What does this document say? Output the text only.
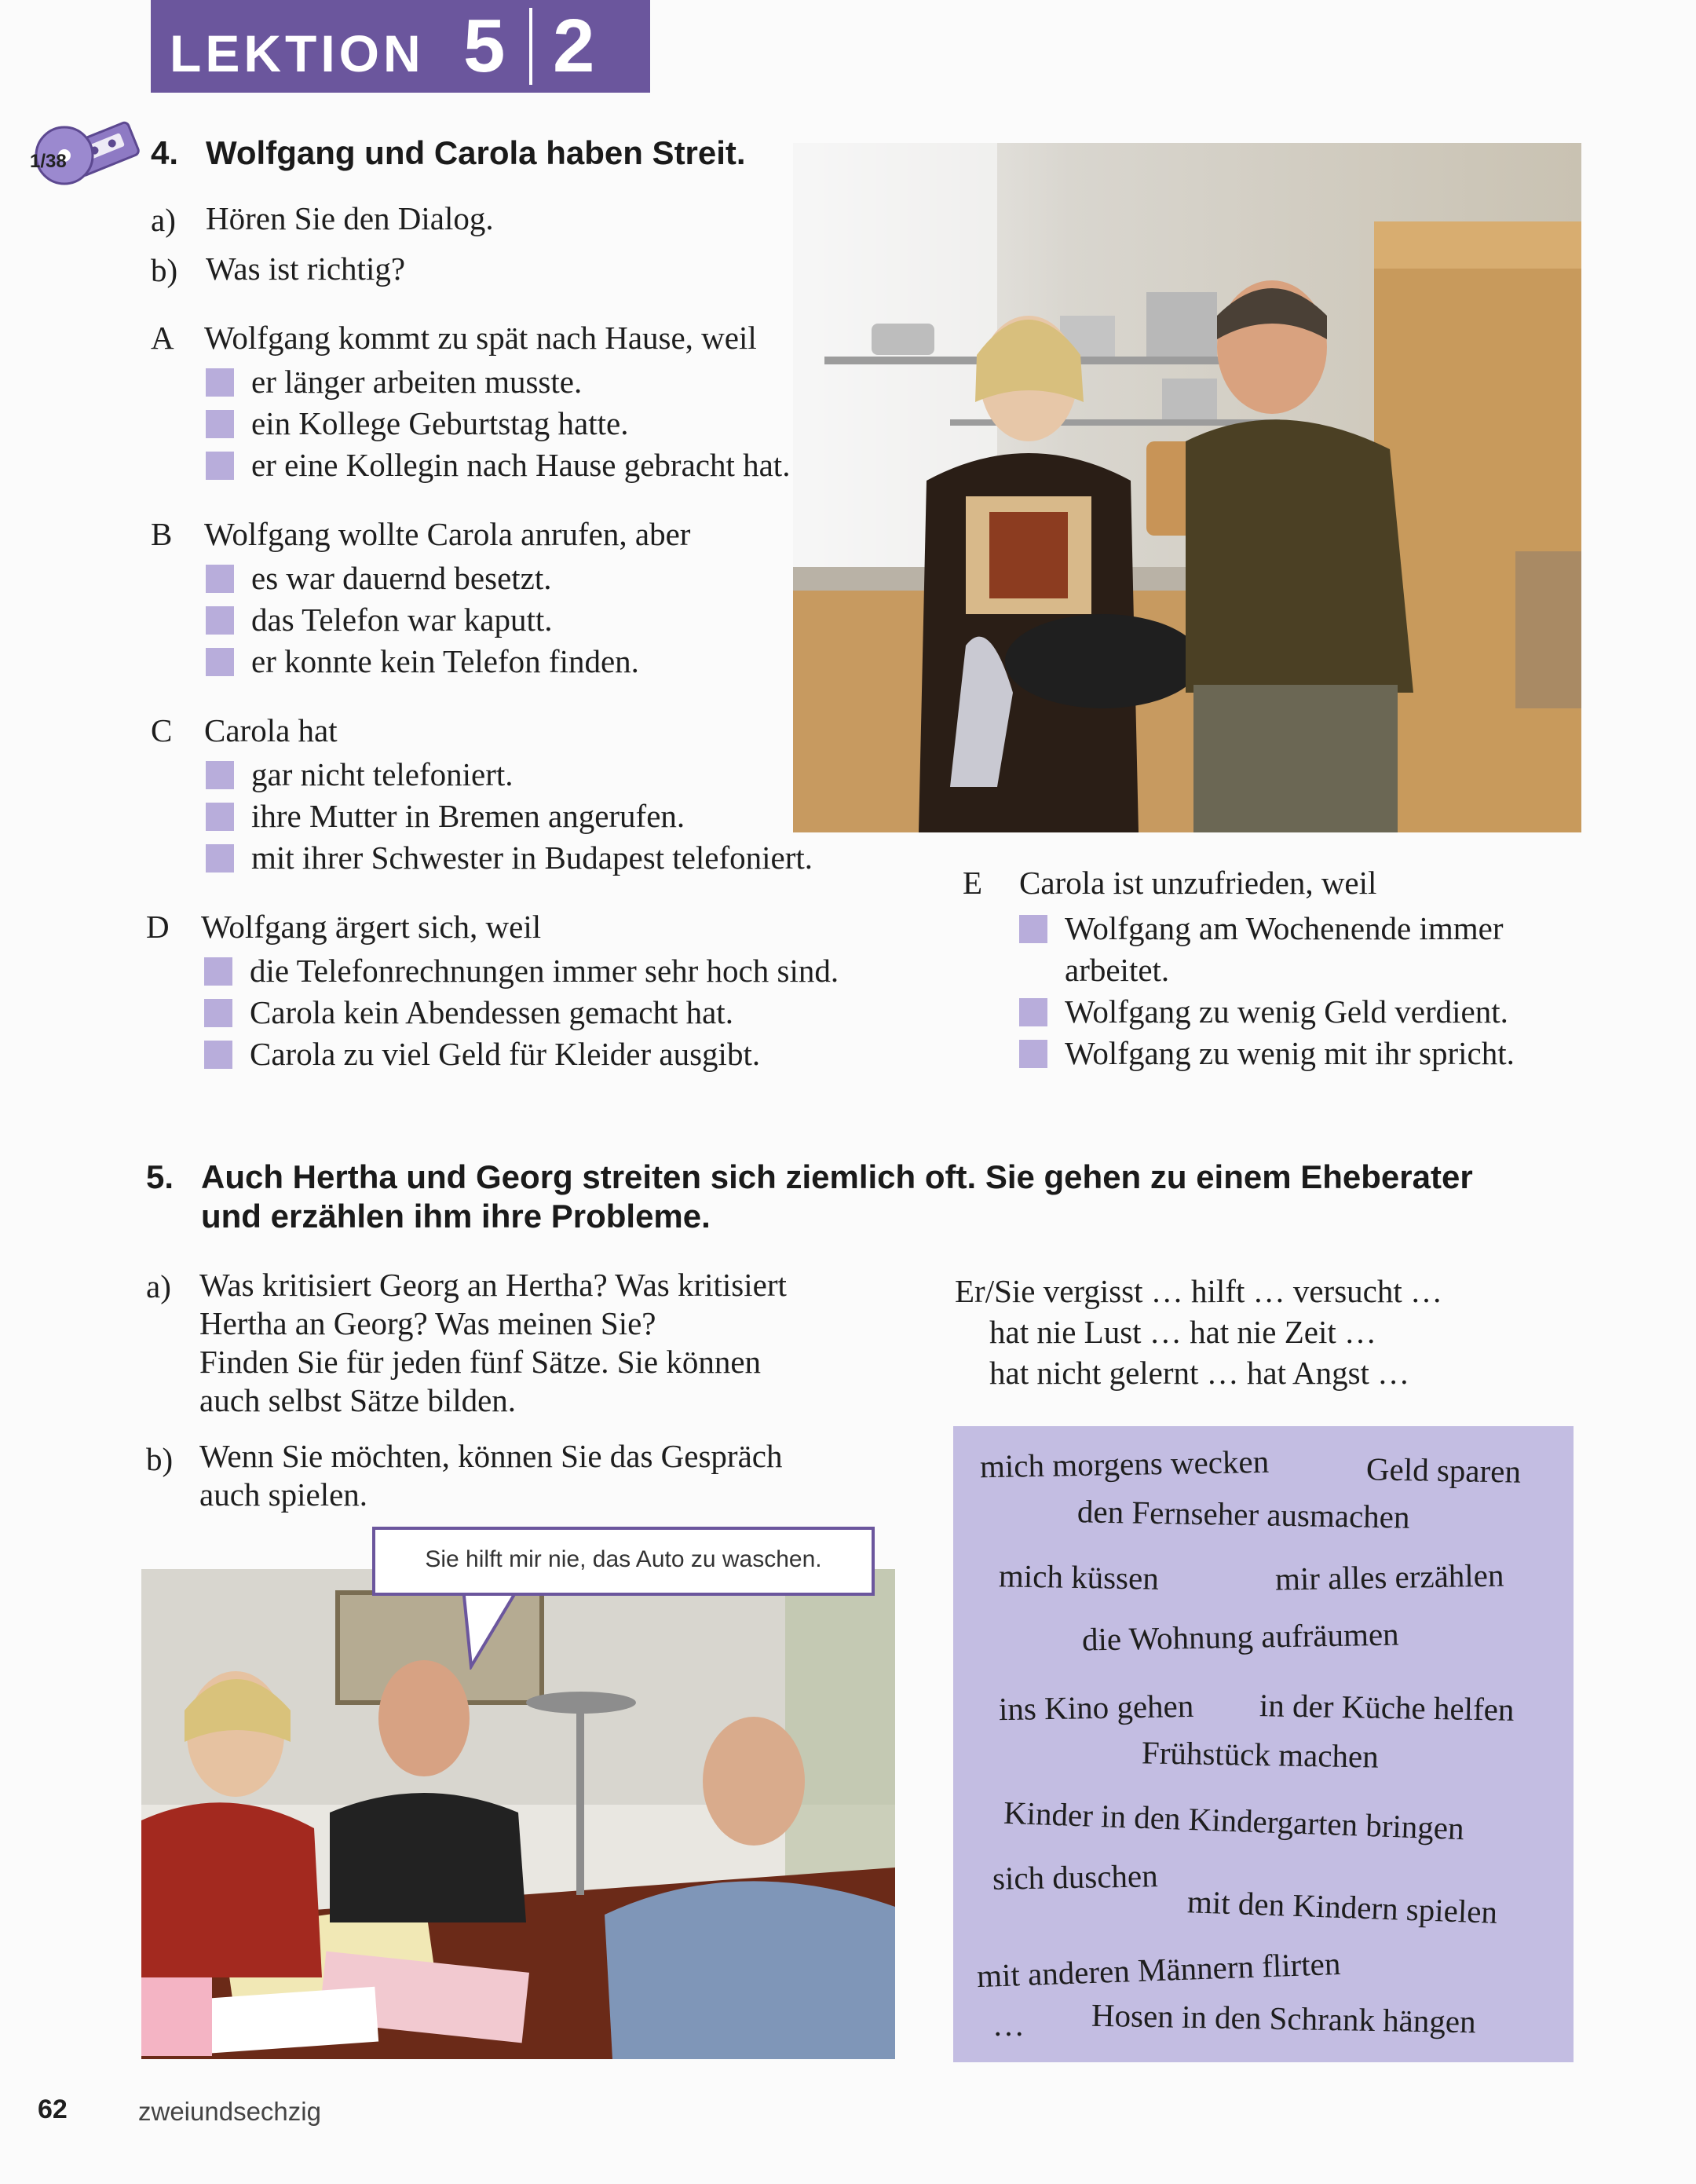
LEKTION 5 2
1/38	4. Wolfgang und Carola haben Streit.
a) Hören Sie den Dialog.
b) Was ist richtig?
A Wolfgang kommt zu spät nach Hause, weil
er länger arbeiten musste.
ein Kollege Geburtstag hatte.
er eine Kollegin nach Hause gebracht hat.
B Wolfgang wollte Carola anrufen, aber
es war dauernd besetzt.
das Telefon war kaputt.
er konnte kein Telefon finden.
C Carola hat
gar nicht telefoniert.
ihre Mutter in Bremen angerufen.
mit ihrer Schwester in Budapest telefoniert.
D Wolfgang ärgert sich, weil
die Telefonrechnungen immer sehr hoch sind.
Carola kein Abendessen gemacht hat.
Carola zu viel Geld für Kleider ausgibt.
E Carola ist unzufrieden, weil
Wolfgang am Wochenende immer
arbeitet.
Wolfgang zu wenig Geld verdient.
Wolfgang zu wenig mit ihr spricht.
5. Auch Hertha und Georg streiten sich ziemlich oft. Sie gehen zu einem Eheberater
und erzählen ihm ihre Probleme.
a) Was kritisiert Georg an Hertha? Was kritisiert
Hertha an Georg? Was meinen Sie?
Finden Sie für jeden fünf Sätze. Sie können
auch selbst Sätze bilden.
b) Wenn Sie möchten, können Sie das Gespräch
auch spielen.
Er/Sie vergisst … hilft … versucht …
hat nie Lust … hat nie Zeit …
hat nicht gelernt … hat Angst …
Sie hilft mir nie, das Auto zu waschen.
mich morgens wecken	Geld sparen
den Fernseher ausmachen
mich küssen	mir alles erzählen
die Wohnung aufräumen
ins Kino gehen in der Küche helfen
Frühstück machen
Kinder in den Kindergarten bringen
sich duschen
mit den Kindern spielen
mit anderen Männern flirten
… Hosen in den Schrank hängen
62	zweiundsechzig
